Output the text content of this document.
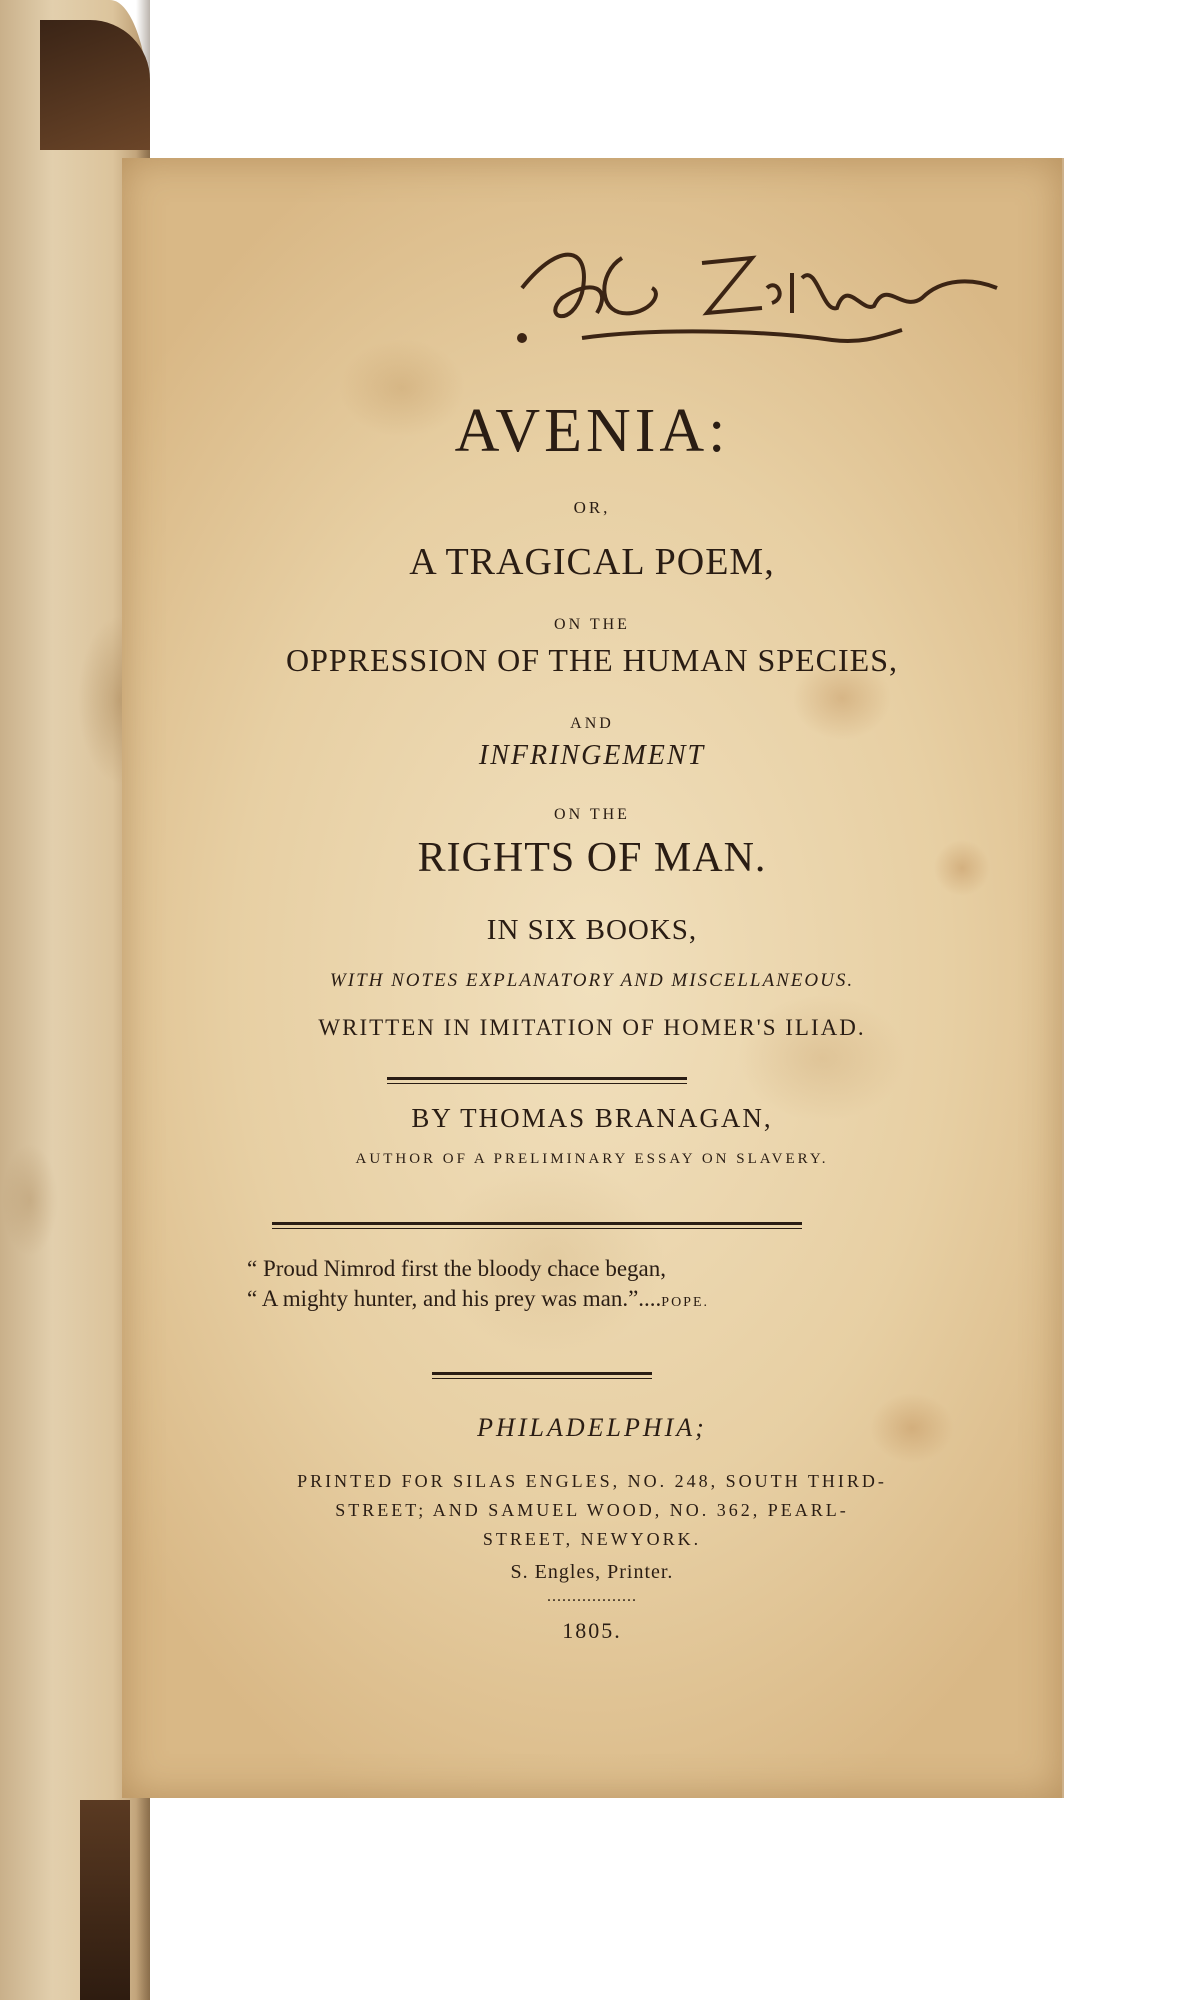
AVENIA:
OR,
A TRAGICAL POEM,
ON THE
OPPRESSION OF THE HUMAN SPECIES,
AND
INFRINGEMENT
ON THE
RIGHTS OF MAN.
IN SIX BOOKS,
WITH NOTES EXPLANATORY AND MISCELLANEOUS.
WRITTEN IN IMITATION OF HOMER'S ILIAD.
BY THOMAS BRANAGAN,
AUTHOR OF A PRELIMINARY ESSAY ON SLAVERY.
“ Proud Nimrod first the bloody chace began,
“ A mighty hunter, and his prey was man.”....POPE.
PHILADELPHIA;
PRINTED FOR SILAS ENGLES, NO. 248, SOUTH THIRD-
STREET; AND SAMUEL WOOD, NO. 362, PEARL-
STREET, NEWYORK.
S. Engles, Printer.
..................
1805.
